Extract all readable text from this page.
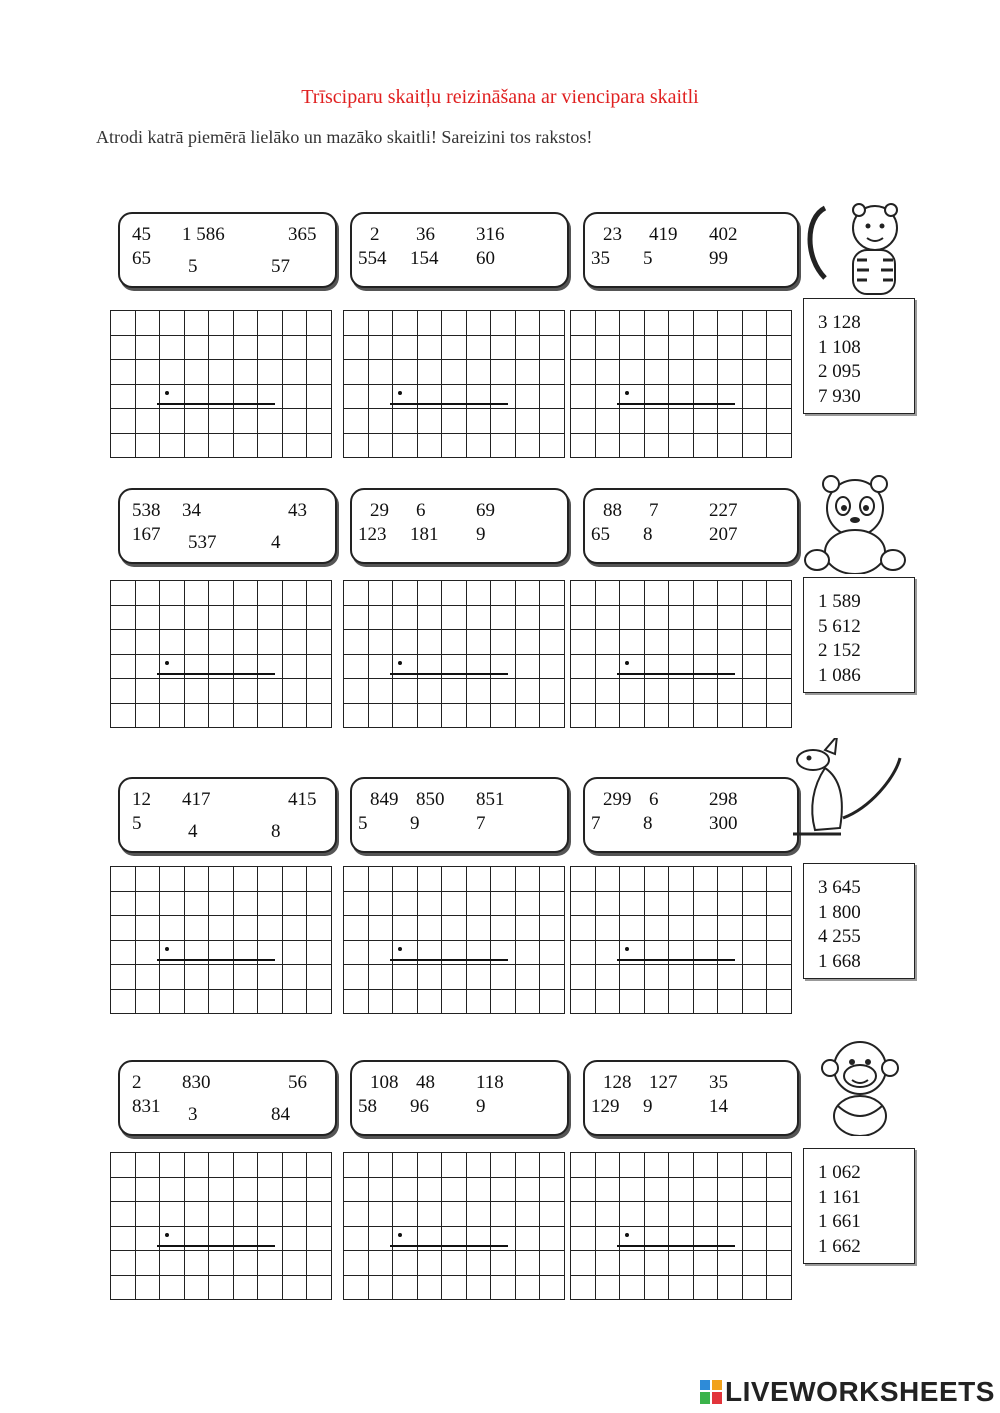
Trīsciparu skaitļu reizināšana ar viencipara skaitli
Atrodi katrā piemērā lielāko un mazāko skaitli! Sareizini tos rakstos!
45 1 586	365
65 5	57

2 36 316
554 154 60

23 419 402
35 5	99

3 128
1 108
2 095
7 930
538 34	43
167 537	4

29 6	69
123 181 9

88 7	227
65 8	207

1 589
5 612
2 152
1 086
12 417	415
5 4	8

849 850 851
5 9	7

299 6	298
7 8	300

3 645
1 800
4 255
1 668
2 830	56
831 3	84

108 48 118
58 96 9

128 127 35
129 9	14

1 062
1 161
1 661
1 662
LIVEWORKSHEETS
